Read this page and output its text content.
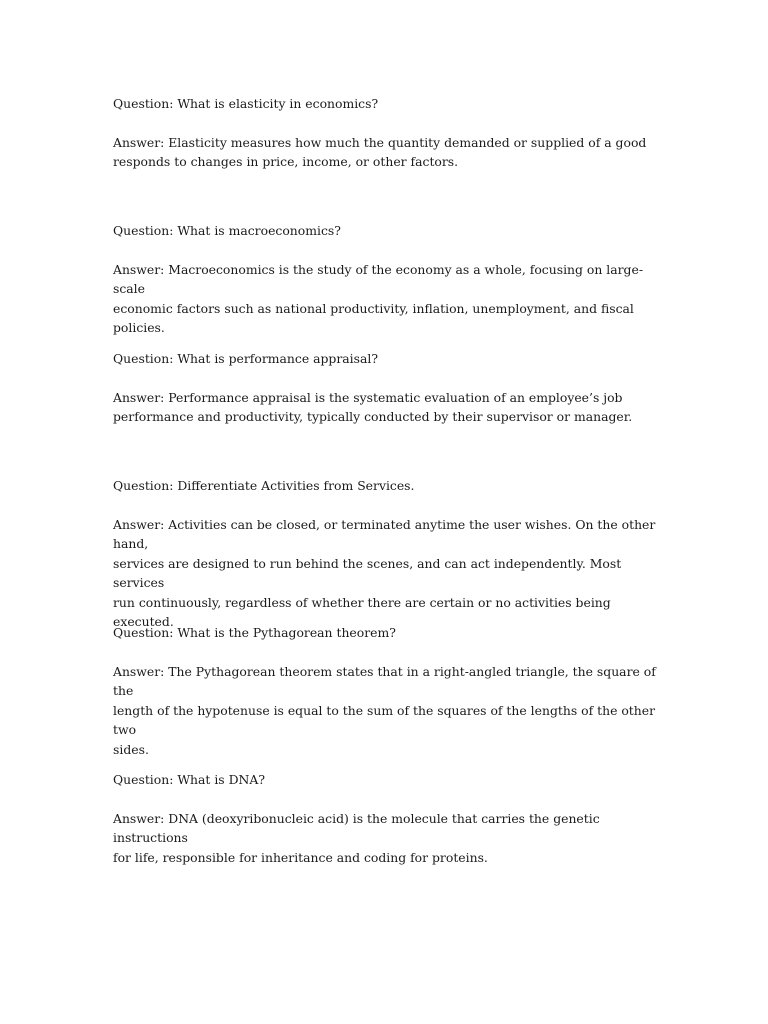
Question: What is elasticity in economics?

Answer: Elasticity measures how much the quantity demanded or supplied of a good

responds to changes in price, income, or other factors.

Question: What is macroeconomics?

Answer: Macroeconomics is the study of the economy as a whole, focusing on large-scale

economic factors such as national productivity, inflation, unemployment, and fiscal policies.

Question: What is performance appraisal?

Answer: Performance appraisal is the systematic evaluation of an employee’s job

performance and productivity, typically conducted by their supervisor or manager.

Question: Differentiate Activities from Services.

Answer: Activities can be closed, or terminated anytime the user wishes. On the other hand,

services are designed to run behind the scenes, and can act independently. Most services

run continuously, regardless of whether there are certain or no activities being executed.

Question: What is the Pythagorean theorem?

Answer: The Pythagorean theorem states that in a right-angled triangle, the square of the

length of the hypotenuse is equal to the sum of the squares of the lengths of the other two

sides.

Question: What is DNA?

Answer: DNA (deoxyribonucleic acid) is the molecule that carries the genetic instructions

for life, responsible for inheritance and coding for proteins.
